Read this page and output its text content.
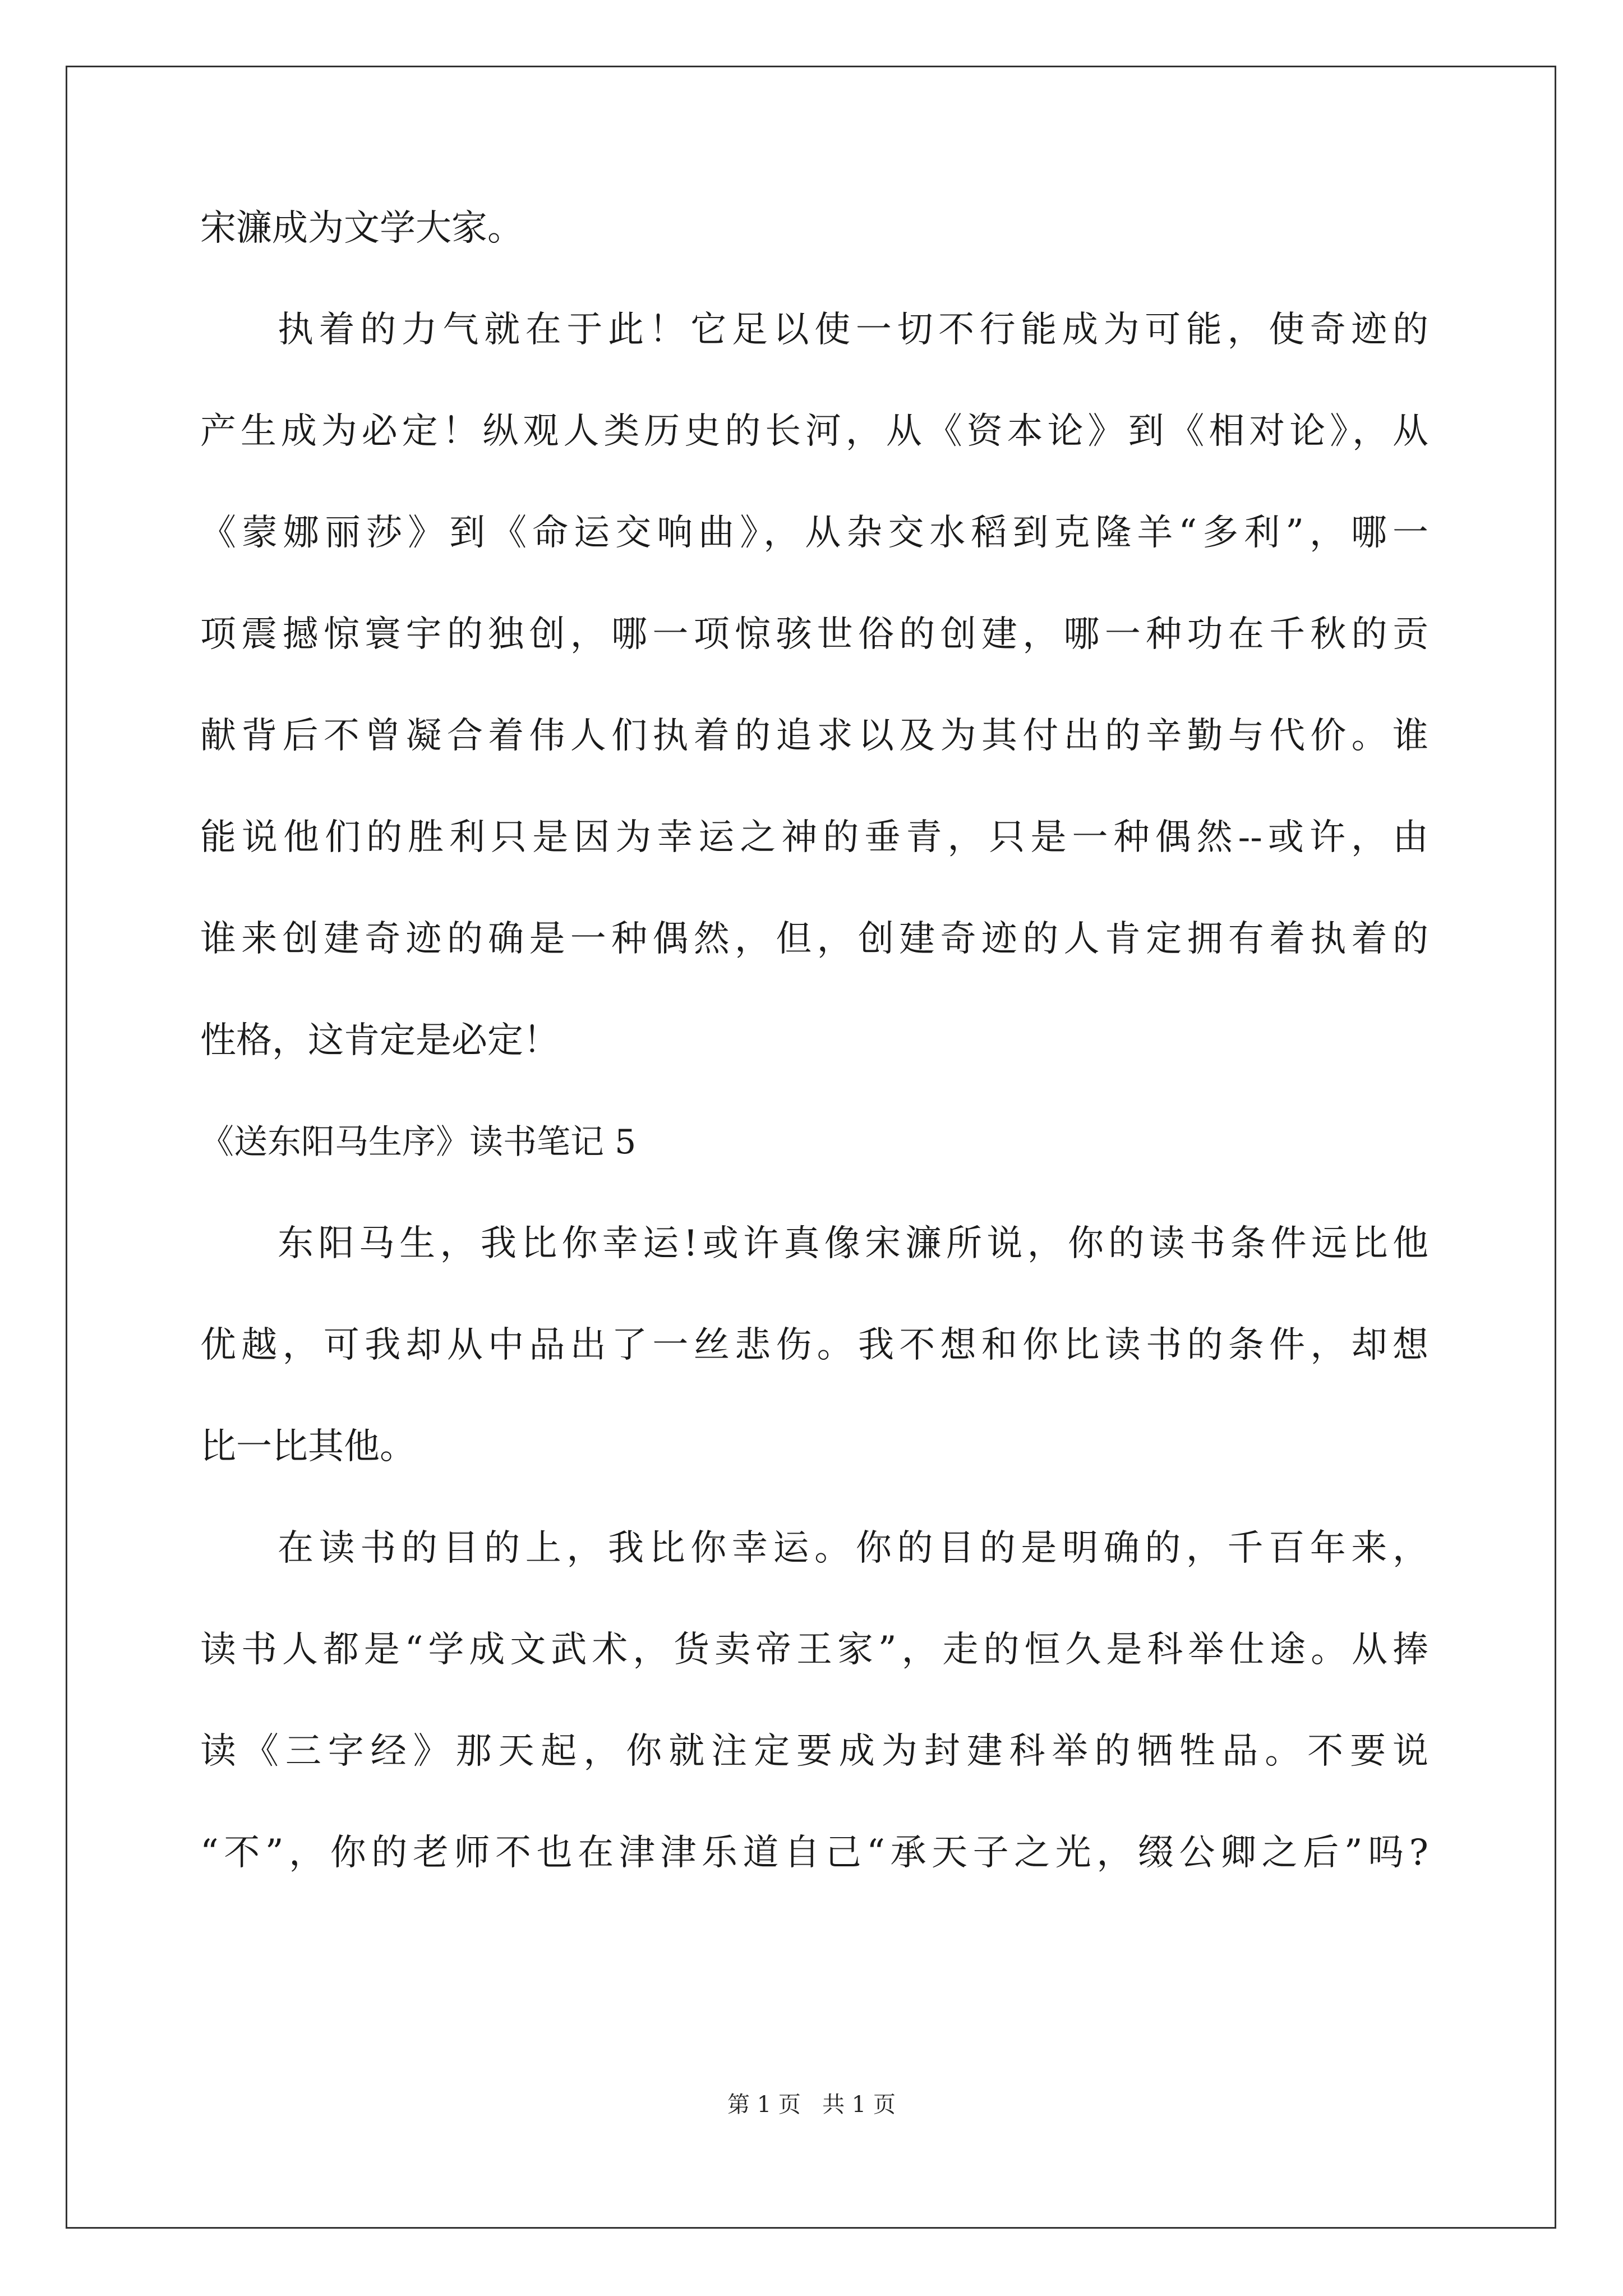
宋濂成为文学大家。
执着的力气就在于此！它足以使一切不行能成为可能，使奇迹的
产生成为必定！纵观人类历史的长河，从《资本论》到《相对论》，从
《蒙娜丽莎》到《命运交响曲》，从杂交水稻到克隆羊“多利”，哪一
项震撼惊寰宇的独创，哪一项惊骇世俗的创建，哪一种功在千秋的贡
献背后不曾凝合着伟人们执着的追求以及为其付出的辛勤与代价。谁
能说他们的胜利只是因为幸运之神的垂青，只是一种偶然--或许，由
谁来创建奇迹的确是一种偶然，但，创建奇迹的人肯定拥有着执着的
性格，这肯定是必定！
《送东阳马生序》读书笔记 5
东阳马生，我比你幸运!或许真像宋濂所说，你的读书条件远比他
优越，可我却从中品出了一丝悲伤。我不想和你比读书的条件，却想
比一比其他。
在读书的目的上，我比你幸运。你的目的是明确的，千百年来，
读书人都是“学成文武术，货卖帝王家”，走的恒久是科举仕途。从捧
读《三字经》那天起，你就注定要成为封建科举的牺牲品。不要说
“不”，你的老师不也在津津乐道自己“承天子之光，缀公卿之后”吗?
第 1 页   共 1 页
